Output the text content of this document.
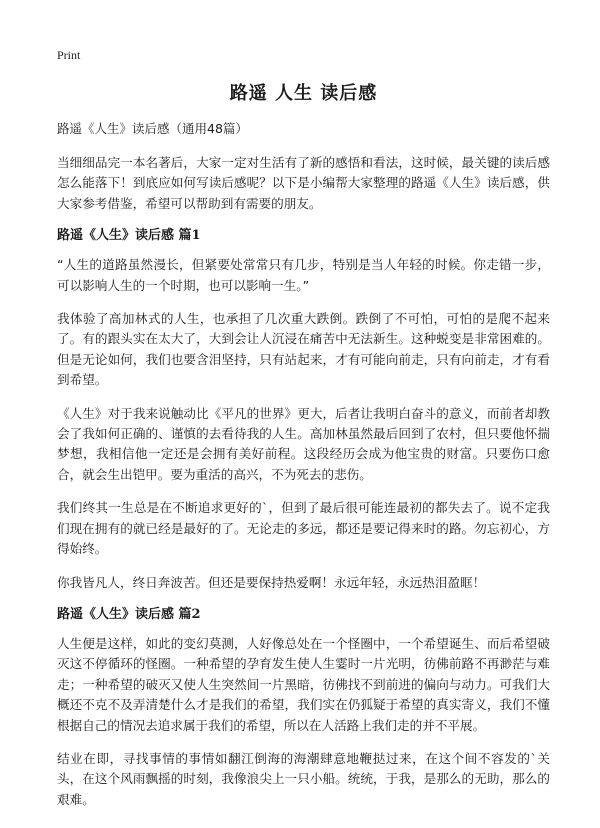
Print
路遥 人生 读后感
路遥《人生》读后感（通用48篇）

当细细品完一本名著后，大家一定对生活有了新的感悟和看法，这时候，最关键的读后感怎么能落下！到底应如何写读后感呢？以下是小编帮大家整理的路遥《人生》读后感，供大家参考借鉴，希望可以帮助到有需要的朋友。

路遥《人生》读后感 篇1

“人生的道路虽然漫长，但紧要处常常只有几步，特别是当人年轻的时候。你走错一步，可以影响人生的一个时期，也可以影响一生。”

我体验了高加林式的人生，也承担了几次重大跌倒。跌倒了不可怕，可怕的是爬不起来了。有的跟头实在太大了，大到会让人沉浸在痛苦中无法新生。这种蜕变是非常困难的。但是无论如何，我们也要含泪坚持，只有站起来，才有可能向前走，只有向前走，才有看到希望。

《人生》对于我来说触动比《平凡的世界》更大，后者让我明白奋斗的意义，而前者却教会了我如何正确的、谨慎的去看待我的人生。高加林虽然最后回到了农村，但只要他怀揣梦想，我相信他一定还是会拥有美好前程。这段经历会成为他宝贵的财富。只要伤口愈合，就会生出铠甲。要为重活的高兴，不为死去的悲伤。

我们终其一生总是在不断追求更好的`，但到了最后很可能连最初的都失去了。说不定我们现在拥有的就已经是最好的了。无论走的多远，都还是要记得来时的路。勿忘初心，方得始终。

你我皆凡人，终日奔波苦。但还是要保持热爱啊！永远年轻，永远热泪盈眶！

路遥《人生》读后感 篇2

人生便是这样，如此的变幻莫测，人好像总处在一个怪圈中，一个希望诞生、而后希望破灭这不停循环的怪圈。一种希望的孕育发生使人生霎时一片光明，彷佛前路不再渺茫与难走；一种希望的破灭又使人生突然间一片黑暗，彷佛找不到前进的偏向与动力。可我们大概还不克不及弄清楚什么才是我们的希望，我们实在仍狐疑于希望的真实寄义，我们不懂根据自己的情况去追求属于我们的希望，所以在人活路上我们走的并不平展。

结业在即，寻找事情的事情如翻江倒海的海潮肆意地鞭挞过来，在这个间不容发的`关头，在这个风雨飘摇的时刻，我像浪尖上一只小船。统统，于我，是那么的无助，那么的艰难。
